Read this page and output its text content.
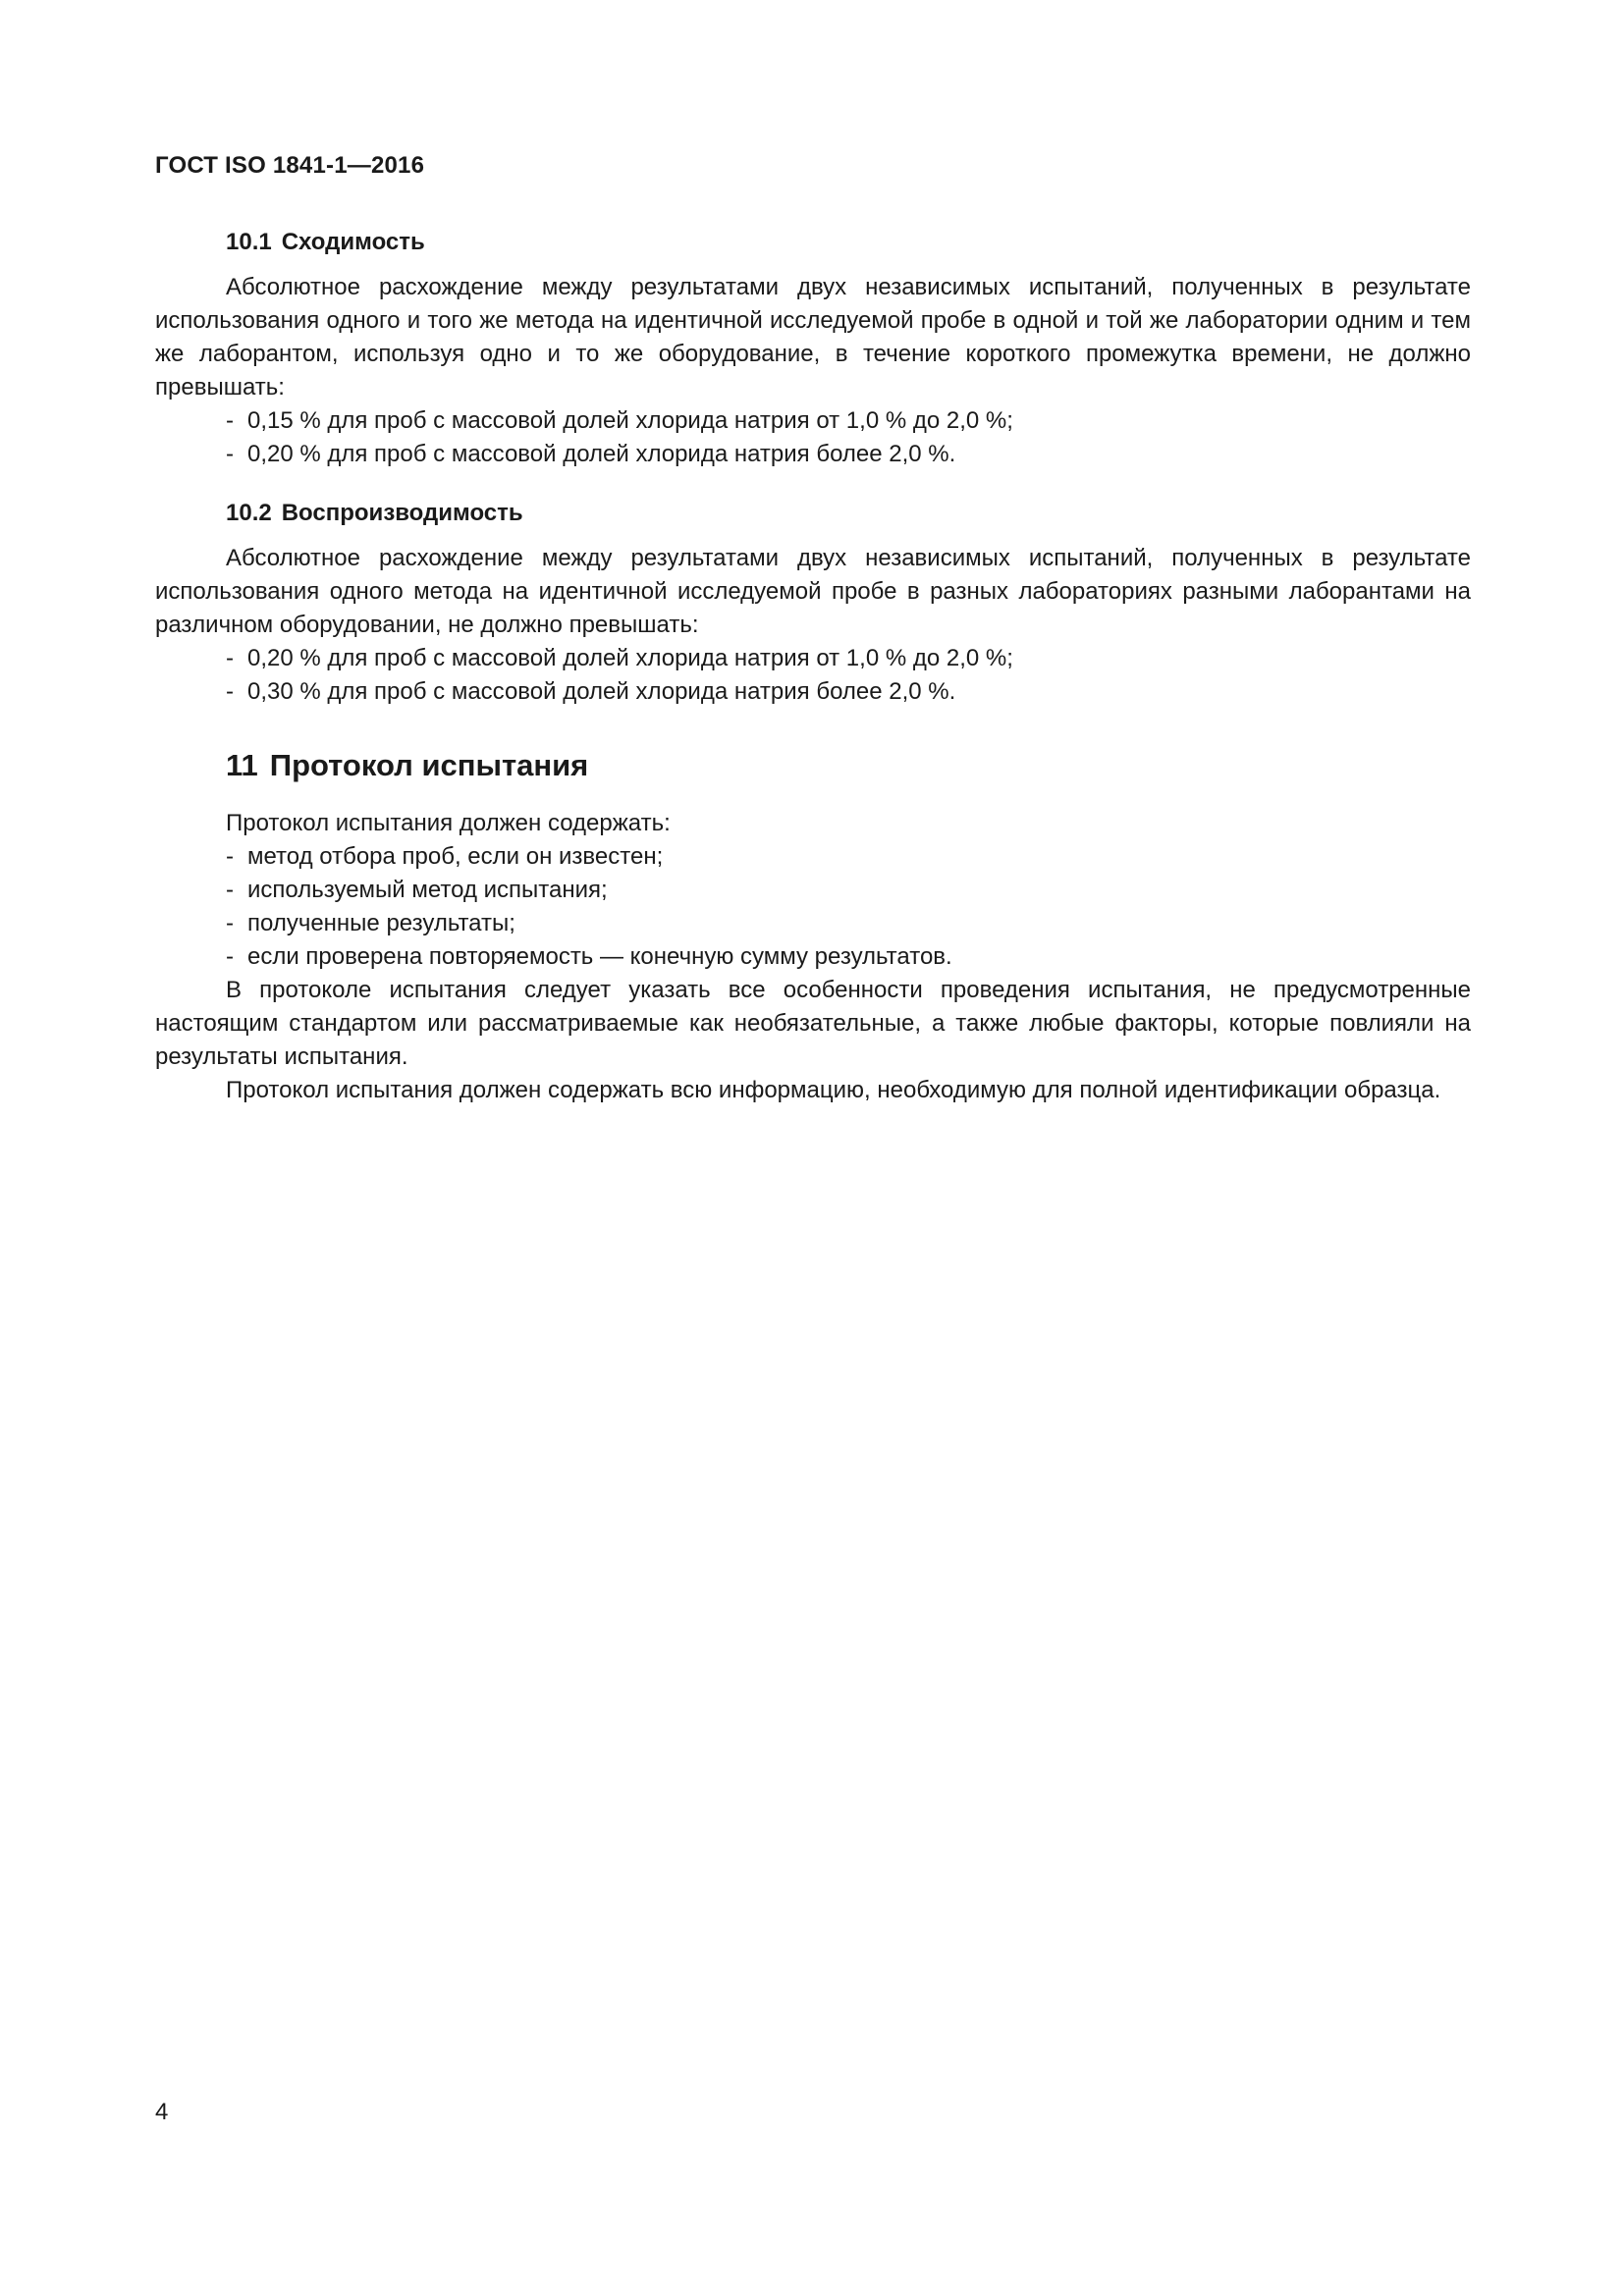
ГОСТ ISO 1841-1—2016
10.1 Сходимость

Абсолютное расхождение между результатами двух независимых испытаний, полученных в результате использования одного и того же метода на идентичной исследуемой пробе в одной и той же лаборатории одним и тем же лаборантом, используя одно и то же оборудование, в течение короткого промежутка времени, не должно превышать:

- 0,15 % для проб с массовой долей хлорида натрия от 1,0 % до 2,0 %;
- 0,20 % для проб с массовой долей хлорида натрия более 2,0 %.
10.2 Воспроизводимость

Абсолютное расхождение между результатами двух независимых испытаний, полученных в результате использования одного метода на идентичной исследуемой пробе в разных лабораториях разными лаборантами на различном оборудовании, не должно превышать:

- 0,20 % для проб с массовой долей хлорида натрия от 1,0 % до 2,0 %;
- 0,30 % для проб с массовой долей хлорида натрия более 2,0 %.
11 Протокол испытания

Протокол испытания должен содержать:

- метод отбора проб, если он известен;
- используемый метод испытания;
- полученные результаты;
- если проверена повторяемость — конечную сумму результатов.

В протоколе испытания следует указать все особенности проведения испытания, не предусмотренные настоящим стандартом или рассматриваемые как необязательные, а также любые факторы, которые повлияли на результаты испытания.

Протокол испытания должен содержать всю информацию, необходимую для полной идентификации образца.

4
